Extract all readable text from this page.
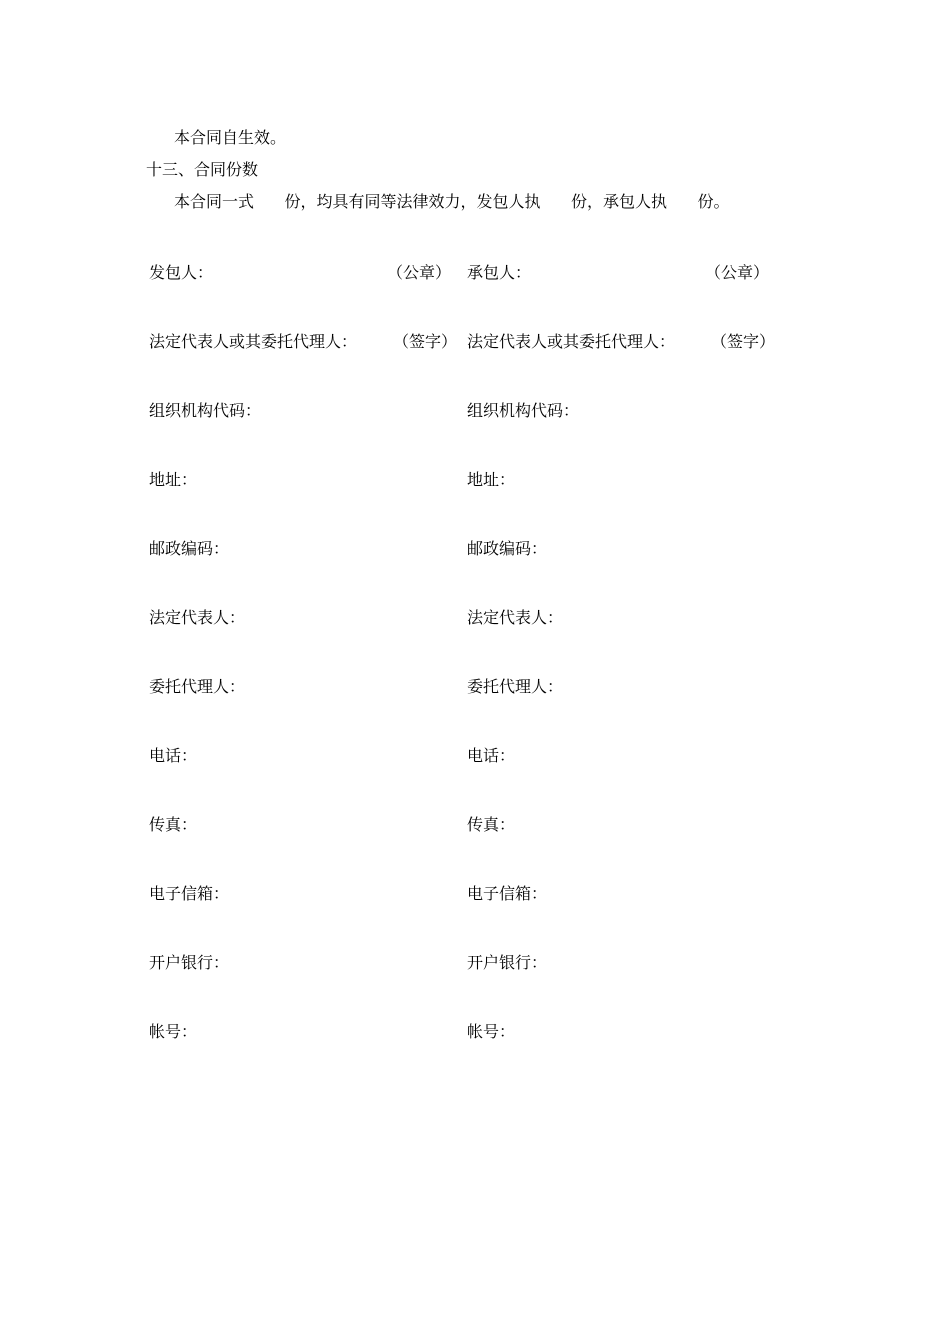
本合同自生效。
十三、合同份数
本合同一式      份，均具有同等法律效力，发包人执      份，承包人执      份。
发包人：	（公章）
法定代表人或其委托代理人： （签字）
组织机构代码：
地址：
邮政编码：
法定代表人：
委托代理人：
电话：
传真：
电子信箱：
开户银行：
帐号：
承包人：	（公章）
法定代表人或其委托代理人： （签字）
组织机构代码：
地址：
邮政编码：
法定代表人：
委托代理人：
电话：
传真：
电子信箱：
开户银行：
帐号：
